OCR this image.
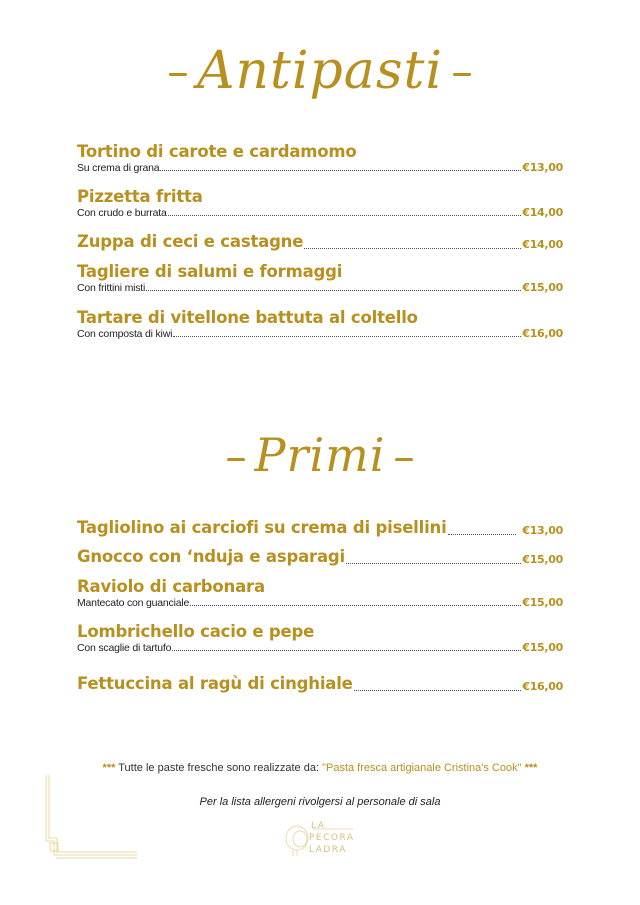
Antipasti
Tortino di carote e cardamomo
Su crema di grana	€13,00
Pizzetta fritta
Con crudo e burrata	€14,00
Zuppa di ceci e castagne	€14,00
Tagliere di salumi e formaggi
Con frittini misti	€15,00
Tartare di vitellone battuta al coltello
Con composta di kiwi	€16,00
Primi
Tagliolino ai carciofi su crema di pisellini	€13,00
Gnocco con ‘nduja e asparagi	€15,00
Raviolo di carbonara
Mantecato con guanciale	€15,00
Lombrichello cacio e pepe
Con scaglie di tartufo	€15,00
Fettuccina al ragù di cinghiale	€16,00
*** Tutte le paste fresche sono realizzate da: "Pasta fresca artigianale Cristina's Cook" ***
Per la lista allergeni rivolgersi al personale di sala
LA
PECORA
LADRA
